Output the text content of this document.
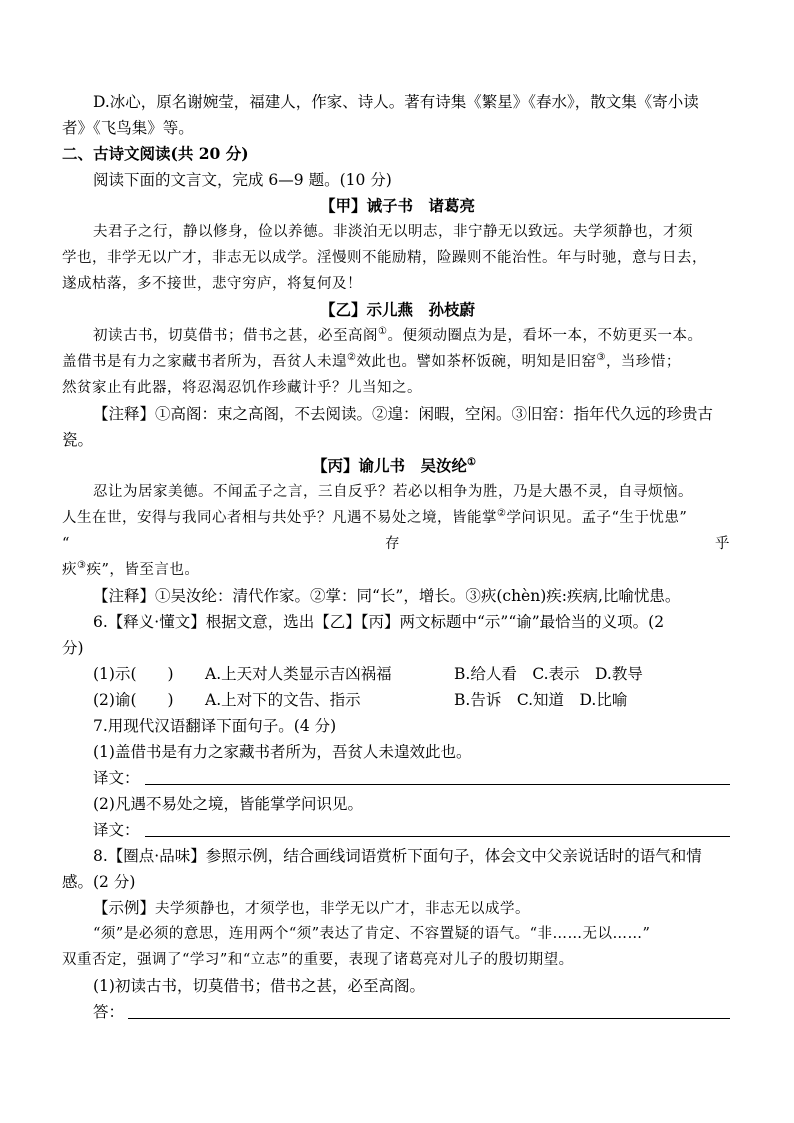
D.冰心，原名谢婉莹，福建人，作家、诗人。著有诗集《繁星》《春水》，散文集《寄小读
者》《飞鸟集》等。
二、古诗文阅读(共 20 分)
阅读下面的文言文，完成 6—9 题。(10 分)
【甲】诫子书　诸葛亮
夫君子之行，静以修身，俭以养德。非淡泊无以明志，非宁静无以致远。夫学须静也，才须
学也，非学无以广才，非志无以成学。淫慢则不能励精，险躁则不能治性。年与时驰，意与日去，
遂成枯落，多不接世，悲守穷庐，将复何及！
【乙】示儿燕　孙枝蔚
初读古书，切莫借书；借书之甚，必至高阁①。便须动圈点为是，看坏一本，不妨更买一本。
盖借书是有力之家藏书者所为，吾贫人未遑②效此也。譬如茶杯饭碗，明知是旧窑③，当珍惜；
然贫家止有此器，将忍渴忍饥作珍藏计乎？儿当知之。
【注释】①高阁：束之高阁，不去阅读。②遑：闲暇，空闲。③旧窑：指年代久远的珍贵古
瓷。
【丙】谕儿书　吴汝纶①
忍让为居家美德。不闻孟子之言，三自反乎？若必以相争为胜，乃是大愚不灵，自寻烦恼。
人生在世，安得与我同心者相与共处乎？凡遇不易处之境，皆能掌②学问识见。孟子“生于忧患”
“	存	乎
疢③疾”，皆至言也。
【注释】①吴汝纶：清代作家。②掌：同“长”，增长。③疢(chèn)疾:疾病,比喻忧患。
6.【释义·懂文】根据文意，选出【乙】【丙】两文标题中“示”“谕”最恰当的义项。(2
分)
(1)示(　　) A.上天对人类显示吉凶祸福	B.给人看　C.表示　D.教导
(2)谕(　　) A.上对下的文告、指示	B.告诉　C.知道　D.比喻
7.用现代汉语翻译下面句子。(4 分)
(1)盖借书是有力之家藏书者所为，吾贫人未遑效此也。
译文：
(2)凡遇不易处之境，皆能掌学问识见。
译文：
8.【圈点·品味】参照示例，结合画线词语赏析下面句子，体会文中父亲说话时的语气和情
感。(2 分)
【示例】夫学须静也，才须学也，非学无以广才，非志无以成学。
“须”是必须的意思，连用两个“须”表达了肯定、不容置疑的语气。“非……无以……”
双重否定，强调了“学习”和“立志”的重要，表现了诸葛亮对儿子的殷切期望。
(1)初读古书，切莫借书；借书之甚，必至高阁。
答：
